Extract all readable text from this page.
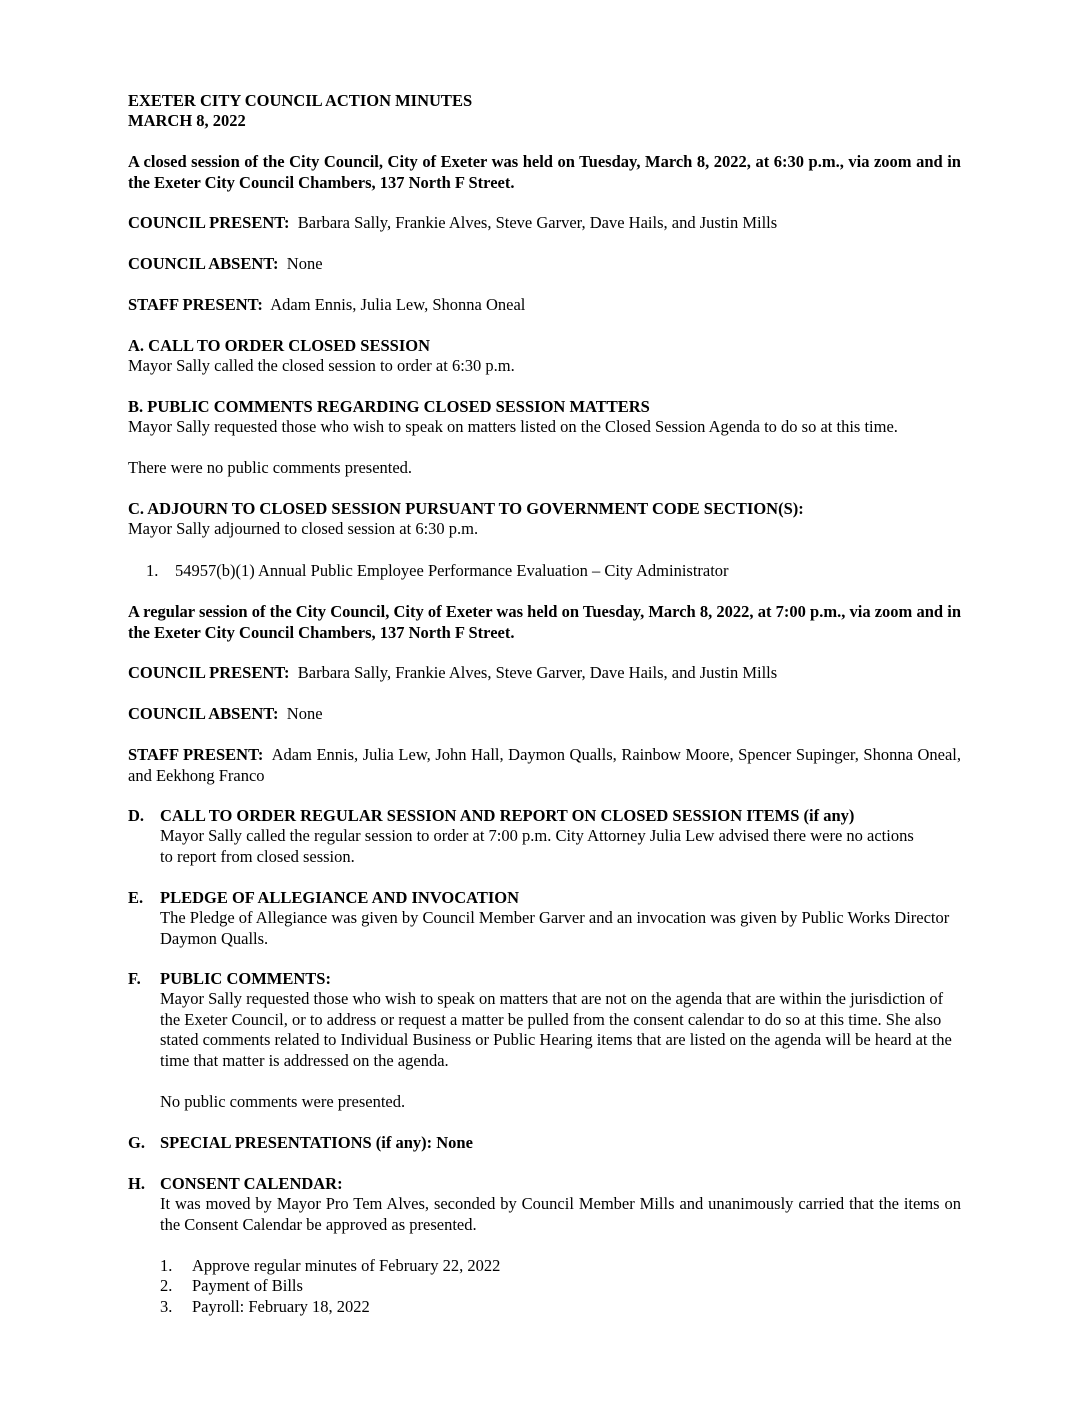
EXETER CITY COUNCIL ACTION MINUTES
MARCH 8, 2022
A closed session of the City Council, City of Exeter was held on Tuesday, March 8, 2022, at 6:30 p.m., via zoom and in the Exeter City Council Chambers, 137 North F Street.
COUNCIL PRESENT: Barbara Sally, Frankie Alves, Steve Garver, Dave Hails, and Justin Mills
COUNCIL ABSENT: None
STAFF PRESENT: Adam Ennis, Julia Lew, Shonna Oneal
A. CALL TO ORDER CLOSED SESSION
Mayor Sally called the closed session to order at 6:30 p.m.
B. PUBLIC COMMENTS REGARDING CLOSED SESSION MATTERS
Mayor Sally requested those who wish to speak on matters listed on the Closed Session Agenda to do so at this time.
There were no public comments presented.
C. ADJOURN TO CLOSED SESSION PURSUANT TO GOVERNMENT CODE SECTION(S):
Mayor Sally adjourned to closed session at 6:30 p.m.
1. 54957(b)(1) Annual Public Employee Performance Evaluation – City Administrator
A regular session of the City Council, City of Exeter was held on Tuesday, March 8, 2022, at 7:00 p.m., via zoom and in the Exeter City Council Chambers, 137 North F Street.
COUNCIL PRESENT: Barbara Sally, Frankie Alves, Steve Garver, Dave Hails, and Justin Mills
COUNCIL ABSENT: None
STAFF PRESENT: Adam Ennis, Julia Lew, John Hall, Daymon Qualls, Rainbow Moore, Spencer Supinger, Shonna Oneal, and Eekhong Franco
D. CALL TO ORDER REGULAR SESSION AND REPORT ON CLOSED SESSION ITEMS (if any)
Mayor Sally called the regular session to order at 7:00 p.m. City Attorney Julia Lew advised there were no actions to report from closed session.
E. PLEDGE OF ALLEGIANCE AND INVOCATION
The Pledge of Allegiance was given by Council Member Garver and an invocation was given by Public Works Director Daymon Qualls.
F. PUBLIC COMMENTS:
Mayor Sally requested those who wish to speak on matters that are not on the agenda that are within the jurisdiction of the Exeter Council, or to address or request a matter be pulled from the consent calendar to do so at this time. She also stated comments related to Individual Business or Public Hearing items that are listed on the agenda will be heard at the time that matter is addressed on the agenda.
No public comments were presented.
G. SPECIAL PRESENTATIONS (if any): None
H. CONSENT CALENDAR:
It was moved by Mayor Pro Tem Alves, seconded by Council Member Mills and unanimously carried that the items on the Consent Calendar be approved as presented.
1. Approve regular minutes of February 22, 2022
2. Payment of Bills
3. Payroll: February 18, 2022
